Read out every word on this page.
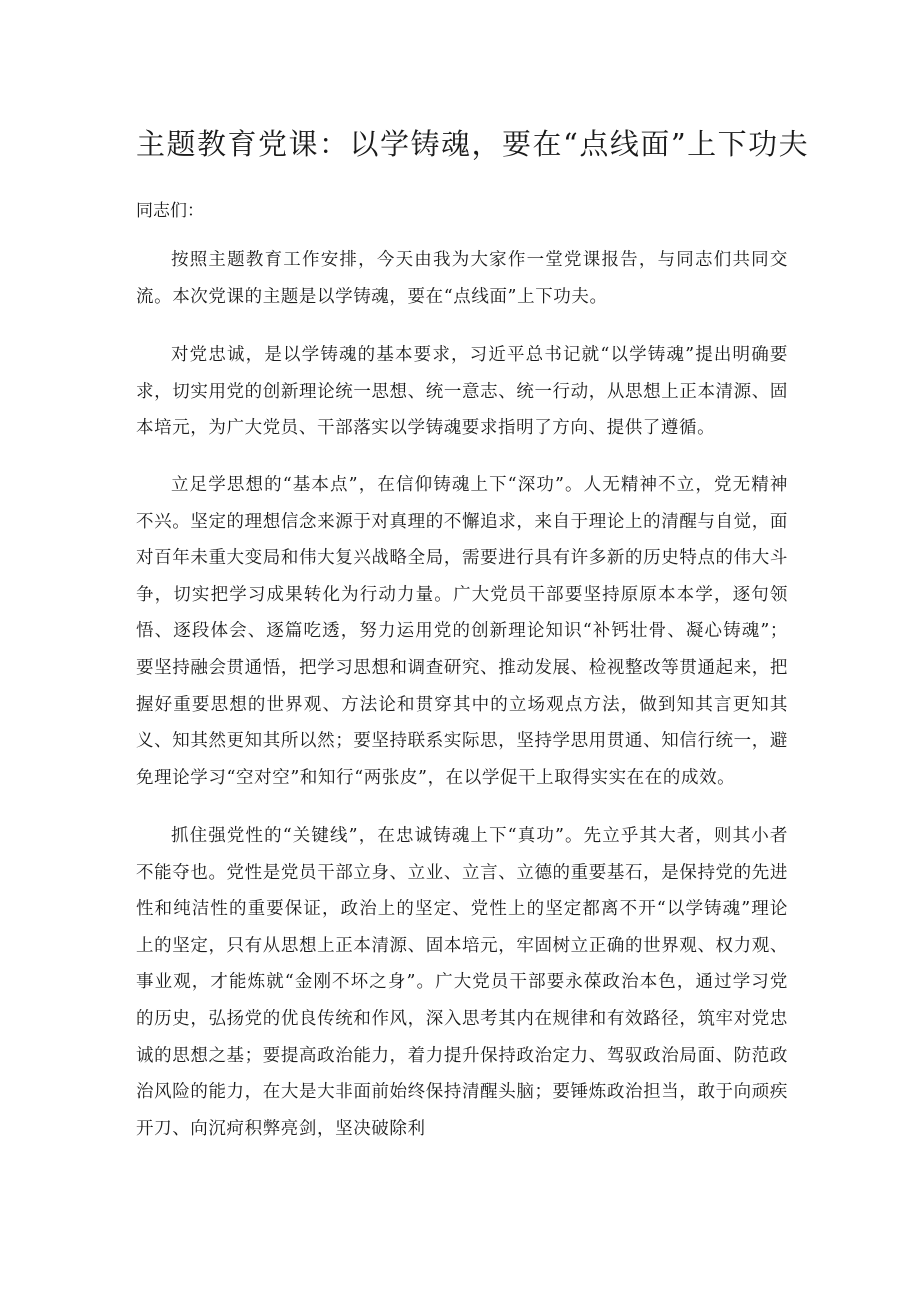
主题教育党课：以学铸魂，要在“点线面”上下功夫

同志们：

按照主题教育工作安排，今天由我为大家作一堂党课报告，与同志们共同交流。本次党课的主题是以学铸魂，要在“点线面”上下功夫。

对党忠诚，是以学铸魂的基本要求，习近平总书记就“以学铸魂”提出明确要求，切实用党的创新理论统一思想、统一意志、统一行动，从思想上正本清源、固本培元，为广大党员、干部落实以学铸魂要求指明了方向、提供了遵循。

立足学思想的“基本点”，在信仰铸魂上下“深功”。人无精神不立，党无精神不兴。坚定的理想信念来源于对真理的不懈追求，来自于理论上的清醒与自觉，面对百年未重大变局和伟大复兴战略全局，需要进行具有许多新的历史特点的伟大斗争，切实把学习成果转化为行动力量。广大党员干部要坚持原原本本学，逐句领悟、逐段体会、逐篇吃透，努力运用党的创新理论知识“补钙壮骨、凝心铸魂”；要坚持融会贯通悟，把学习思想和调查研究、推动发展、检视整改等贯通起来，把握好重要思想的世界观、方法论和贯穿其中的立场观点方法，做到知其言更知其义、知其然更知其所以然；要坚持联系实际思，坚持学思用贯通、知信行统一，避免理论学习“空对空”和知行“两张皮”，在以学促干上取得实实在在的成效。

抓住强党性的“关键线”，在忠诚铸魂上下“真功”。先立乎其大者，则其小者不能夺也。党性是党员干部立身、立业、立言、立德的重要基石，是保持党的先进性和纯洁性的重要保证，政治上的坚定、党性上的坚定都离不开“以学铸魂”理论上的坚定，只有从思想上正本清源、固本培元，牢固树立正确的世界观、权力观、事业观，才能炼就“金刚不坏之身”。广大党员干部要永葆政治本色，通过学习党的历史，弘扬党的优良传统和作风，深入思考其内在规律和有效路径，筑牢对党忠诚的思想之基；要提高政治能力，着力提升保持政治定力、驾驭政治局面、防范政治风险的能力，在大是大非面前始终保持清醒头脑；要锤炼政治担当，敢于向顽疾开刀、向沉疴积弊亮剑，坚决破除利
